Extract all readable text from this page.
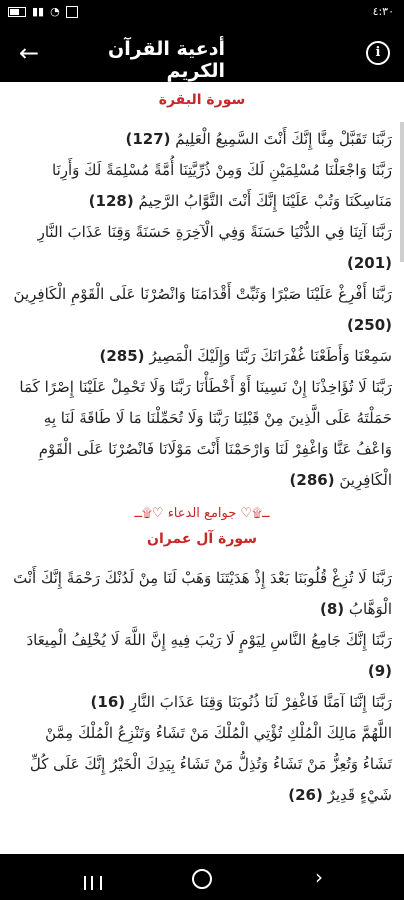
▮▮ ◔	٤:٣٠
←	أدعية القرآن الكريم
i
سورة البقرة

رَبَّنَا تَقَبَّلْ مِنَّا إِنَّكَ أَنْتَ السَّمِيعُ الْعَلِيمُ (127)

رَبَّنَا وَاجْعَلْنَا مُسْلِمَيْنِ لَكَ وَمِنْ ذُرِّيَّتِنَا أُمَّةً مُسْلِمَةً لَكَ وَأَرِنَا مَنَاسِكَنَا وَتُبْ عَلَيْنَا إِنَّكَ أَنْتَ التَّوَّابُ الرَّحِيمُ (128)

رَبَّنَا آتِنَا فِي الدُّنْيَا حَسَنَةً وَفِي الْآخِرَةِ حَسَنَةً وَقِنَا عَذَابَ النَّارِ (201)

رَبَّنَا أَفْرِغْ عَلَيْنَا صَبْرًا وَثَبِّتْ أَقْدَامَنَا وَانْصُرْنَا عَلَى الْقَوْمِ الْكَافِرِينَ (250)

سَمِعْنَا وَأَطَعْنَا غُفْرَانَكَ رَبَّنَا وَإِلَيْكَ الْمَصِيرُ (285)

رَبَّنَا لَا تُؤَاخِذْنَا إِنْ نَسِينَا أَوْ أَخْطَأْنَا رَبَّنَا وَلَا تَحْمِلْ عَلَيْنَا إِصْرًا كَمَا حَمَلْتَهُ عَلَى الَّذِينَ مِنْ قَبْلِنَا رَبَّنَا وَلَا تُحَمِّلْنَا مَا لَا طَاقَةَ لَنَا بِهِ وَاعْفُ عَنَّا وَاغْفِرْ لَنَا وَارْحَمْنَا أَنْتَ مَوْلَانَا فَانْصُرْنَا عَلَى الْقَوْمِ الْكَافِرِينَ (286)

ــ۩♡ جوامع الدعاء ♡۩ــ
سورة آل عمران

رَبَّنَا لَا تُزِغْ قُلُوبَنَا بَعْدَ إِذْ هَدَيْتَنَا وَهَبْ لَنَا مِنْ لَدُنْكَ رَحْمَةً إِنَّكَ أَنْتَ الْوَهَّابُ (8)

رَبَّنَا إِنَّكَ جَامِعُ النَّاسِ لِيَوْمٍ لَا رَيْبَ فِيهِ إِنَّ اللَّهَ لَا يُخْلِفُ الْمِيعَادَ (9)

رَبَّنَا إِنَّنَا آمَنَّا فَاغْفِرْ لَنَا ذُنُوبَنَا وَقِنَا عَذَابَ النَّارِ (16)

اللَّهُمَّ مَالِكَ الْمُلْكِ تُؤْتِي الْمُلْكَ مَنْ تَشَاءُ وَتَنْزِعُ الْمُلْكَ مِمَّنْ تَشَاءُ وَتُعِزُّ مَنْ تَشَاءُ وَتُذِلُّ مَنْ تَشَاءُ بِيَدِكَ الْخَيْرُ إِنَّكَ عَلَى كُلِّ شَيْءٍ قَدِيرٌ (26)

›
